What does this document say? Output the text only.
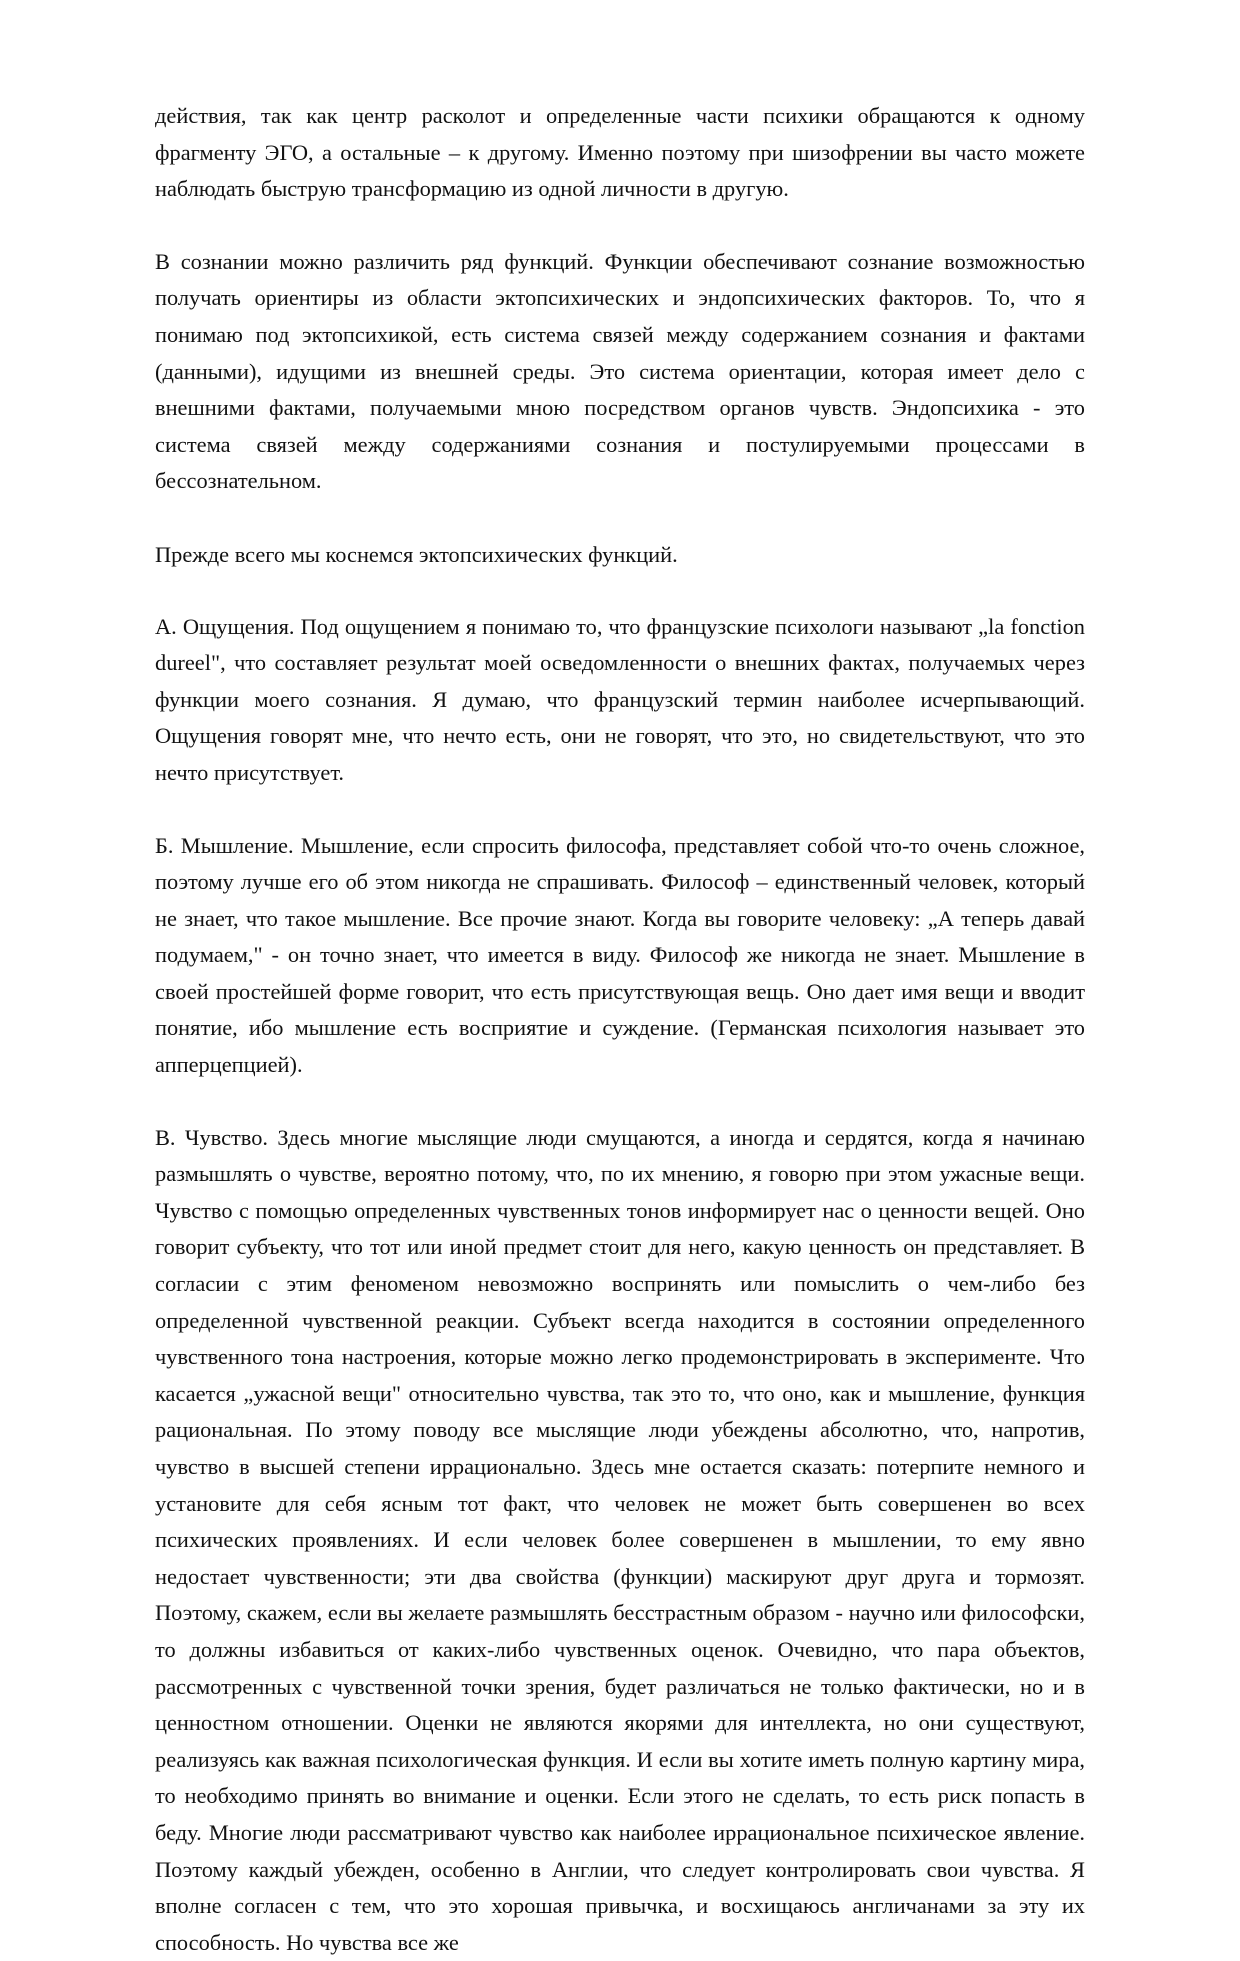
действия, так как центр расколот и определенные части психики обращаются к одному фрагменту ЭГО, а остальные – к другому. Именно поэтому при шизофрении вы часто можете наблюдать быструю трансформацию из одной личности в другую.

В сознании можно различить ряд функций. Функции обеспечивают сознание возможностью получать ориентиры из области эктопсихических и эндопсихических факторов. То, что я понимаю под эктопсихикой, есть система связей между содержанием сознания и фактами (данными), идущими из внешней среды. Это система ориентации, которая имеет дело с внешними фактами, получаемыми мною посредством органов чувств. Эндопсихика - это система связей между содержаниями сознания и постулируемыми процессами в бессознательном.

Прежде всего мы коснемся эктопсихических функций.

А. Ощущения. Под ощущением я понимаю то, что французские психологи называют „la fonction dureel", что составляет результат моей осведомленности о внешних фактах, получаемых через функции моего сознания. Я думаю, что французский термин наиболее исчерпывающий. Ощущения говорят мне, что нечто есть, они не говорят, что это, но свидетельствуют, что это нечто присутствует.

Б. Мышление. Мышление, если спросить философа, представляет собой что-то очень сложное, поэтому лучше его об этом никогда не спрашивать. Философ – единственный человек, который не знает, что такое мышление. Все прочие знают. Когда вы говорите человеку: „А теперь давай подумаем," - он точно знает, что имеется в виду. Философ же никогда не знает. Мышление в своей простейшей форме говорит, что есть присутствующая вещь. Оно дает имя вещи и вводит понятие, ибо мышление есть восприятие и суждение. (Германская психология называет это апперцепцией).

В. Чувство. Здесь многие мыслящие люди смущаются, а иногда и сердятся, когда я начинаю размышлять о чувстве, вероятно потому, что, по их мнению, я говорю при этом ужасные вещи. Чувство с помощью определенных чувственных тонов информирует нас о ценности вещей. Оно говорит субъекту, что тот или иной предмет стоит для него, какую ценность он представляет. В согласии с этим феноменом невозможно воспринять или помыслить о чем-либо без определенной чувственной реакции. Субъект всегда находится в состоянии определенного чувственного тона настроения, которые можно легко продемонстрировать в эксперименте. Что касается „ужасной вещи" относительно чувства, так это то, что оно, как и мышление, функция рациональная. По этому поводу все мыслящие люди убеждены абсолютно, что, напротив, чувство в высшей степени иррационально. Здесь мне остается сказать: потерпите немного и установите для себя ясным тот факт, что человек не может быть совершенен во всех психических проявлениях. И если человек более совершенен в мышлении, то ему явно недостает чувственности; эти два свойства (функции) маскируют друг друга и тормозят. Поэтому, скажем, если вы желаете размышлять бесстрастным образом - научно или философски, то должны избавиться от каких-либо чувственных оценок. Очевидно, что пара объектов, рассмотренных с чувственной точки зрения, будет различаться не только фактически, но и в ценностном отношении. Оценки не являются якорями для интеллекта, но они существуют, реализуясь как важная психологическая функция. И если вы хотите иметь полную картину мира, то необходимо принять во внимание и оценки. Если этого не сделать, то есть риск попасть в беду. Многие люди рассматривают чувство как наиболее иррациональное психическое явление. Поэтому каждый убежден, особенно в Англии, что следует контролировать свои чувства. Я вполне согласен с тем, что это хорошая привычка, и восхищаюсь англичанами за эту их способность. Но чувства все же
